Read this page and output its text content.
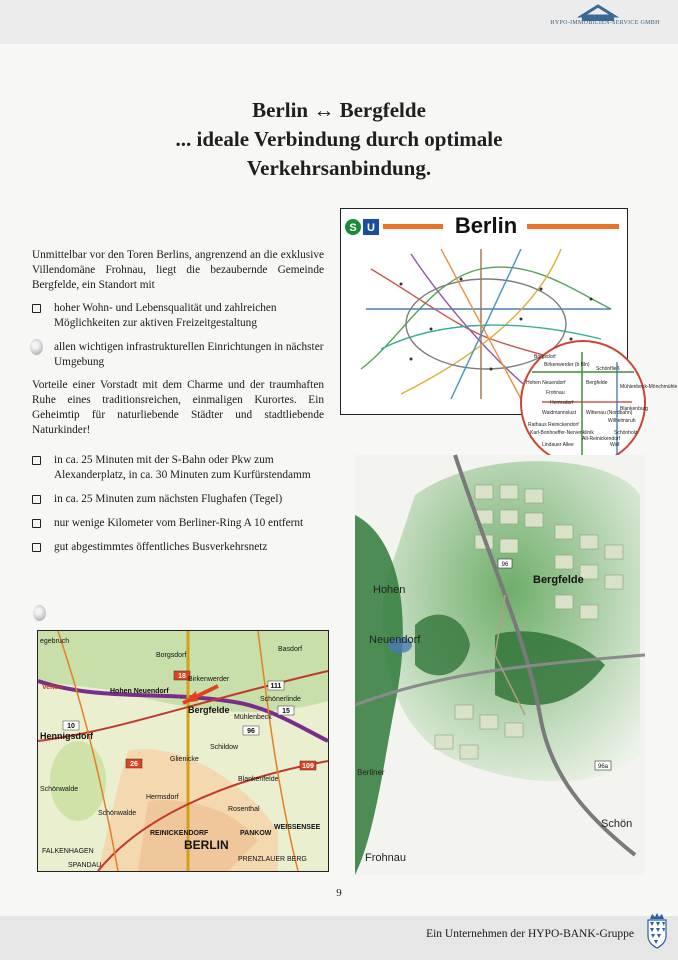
HYPO-IMMOBILIEN-SERVICE GMBH
Berlin ↔ Bergfelde
... ideale Verbindung durch optimale
Verkehrsanbindung.
Unmittelbar vor den Toren Berlins, angrenzend an die exklusive Villendomäne Frohnau, liegt die bezaubernde Gemeinde Bergfelde, ein Standort mit
hoher Wohn- und Lebensqualität und zahlreichen Möglichkeiten zur aktiven Freizeitgestaltung
allen wichtigen infrastrukturellen Einrichtungen in nächster Umgebung
Vorteile einer Vorstadt mit dem Charme und der traumhaften Ruhe eines traditionsreichen, einmaligen Kurortes. Ein Geheimtip für naturliebende Städter und stadtliebende Naturkinder!
in ca. 25 Minuten mit der S-Bahn oder Pkw zum Alexanderplatz, in ca. 30 Minuten zum Kurfürstendamm
in ca. 25 Minuten zum nächsten Flughafen (Tegel)
nur wenige Kilometer vom Berliner-Ring A 10 entfernt
gut abgestimmtes öffentliches Busverkehrsnetz
S U	Berlin
Borgsdorf
Birkenwerder (b Bln)
Hohen Neuendorf	Bergfelde
Schönfließ
Frohnau
Hermsdorf
Waidmannslust
Mühlenbeck-Mönchmühle
Wittenau (Nordbahn)
Blankenburg
Wilhelmsruh
Rathaus Reinickendorf
Karl-Bonhoeffer-Nervenklinik
Alt-Reinickendorf
Wall
Schönholz
Lindauer Allee
96
96a
Hohen
Neuendorf
Bergfelde
Berliner
Schön
Frohnau
18
26
96
111
109
10
15
egebruch
Velten
Hohen Neuendorf
Bergfelde
Borgsdorf
Basdorf
Schönwalde
Schönerlinde
Mühlenbeck
Glienicke
Schildow
Blankenfelde
REINICKENDORF	PANKOW
WEISSENSEE
BERLIN
Hennigsdorf
PRENZLAUER BERG
SPANDAU
FALKENHAGEN
Birkenwerder
Hermsdorf
Rosenthal
Schönwalde
9
Ein Unternehmen der HYPO-BANK-Gruppe
